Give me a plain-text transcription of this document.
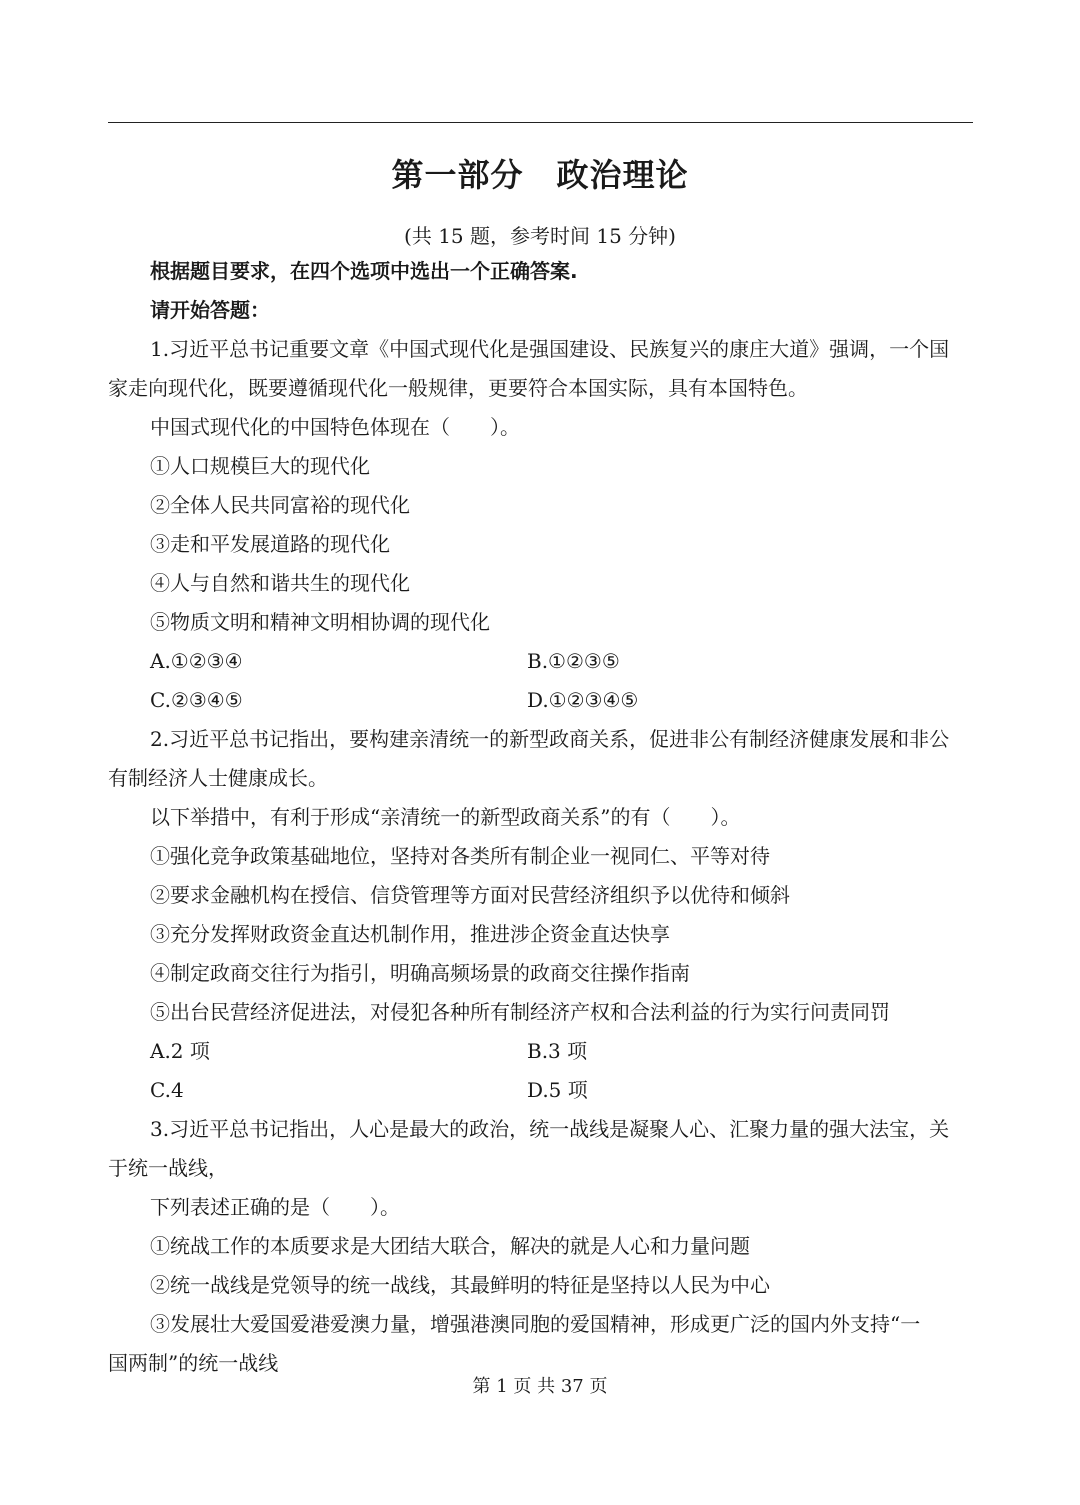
第一部分　政治理论
(共 15 题，参考时间 15 分钟)
根据题目要求，在四个选项中选出一个正确答案.
请开始答题：
1.习近平总书记重要文章《中国式现代化是强国建设、民族复兴的康庄大道》强调，一个国
家走向现代化，既要遵循现代化一般规律，更要符合本国实际，具有本国特色。
中国式现代化的中国特色体现在（　　）。
①人口规模巨大的现代化
②全体人民共同富裕的现代化
③走和平发展道路的现代化
④人与自然和谐共生的现代化
⑤物质文明和精神文明相协调的现代化
A.①②③④	B.①②③⑤
C.②③④⑤	D.①②③④⑤
2.习近平总书记指出，要构建亲清统一的新型政商关系，促进非公有制经济健康发展和非公
有制经济人士健康成长。
以下举措中，有利于形成“亲清统一的新型政商关系”的有（　　）。
①强化竞争政策基础地位，坚持对各类所有制企业一视同仁、平等对待
②要求金融机构在授信、信贷管理等方面对民营经济组织予以优待和倾斜
③充分发挥财政资金直达机制作用，推进涉企资金直达快享
④制定政商交往行为指引，明确高频场景的政商交往操作指南
⑤出台民营经济促进法，对侵犯各种所有制经济产权和合法利益的行为实行问责同罚
A.2 项	B.3 项
C.4	D.5 项
3.习近平总书记指出，人心是最大的政治，统一战线是凝聚人心、汇聚力量的强大法宝，关
于统一战线，
下列表述正确的是（　　）。
①统战工作的本质要求是大团结大联合，解决的就是人心和力量问题
②统一战线是党领导的统一战线，其最鲜明的特征是坚持以人民为中心
③发展壮大爱国爱港爱澳力量，增强港澳同胞的爱国精神，形成更广泛的国内外支持“一
国两制”的统一战线
第 1 页 共 37 页
